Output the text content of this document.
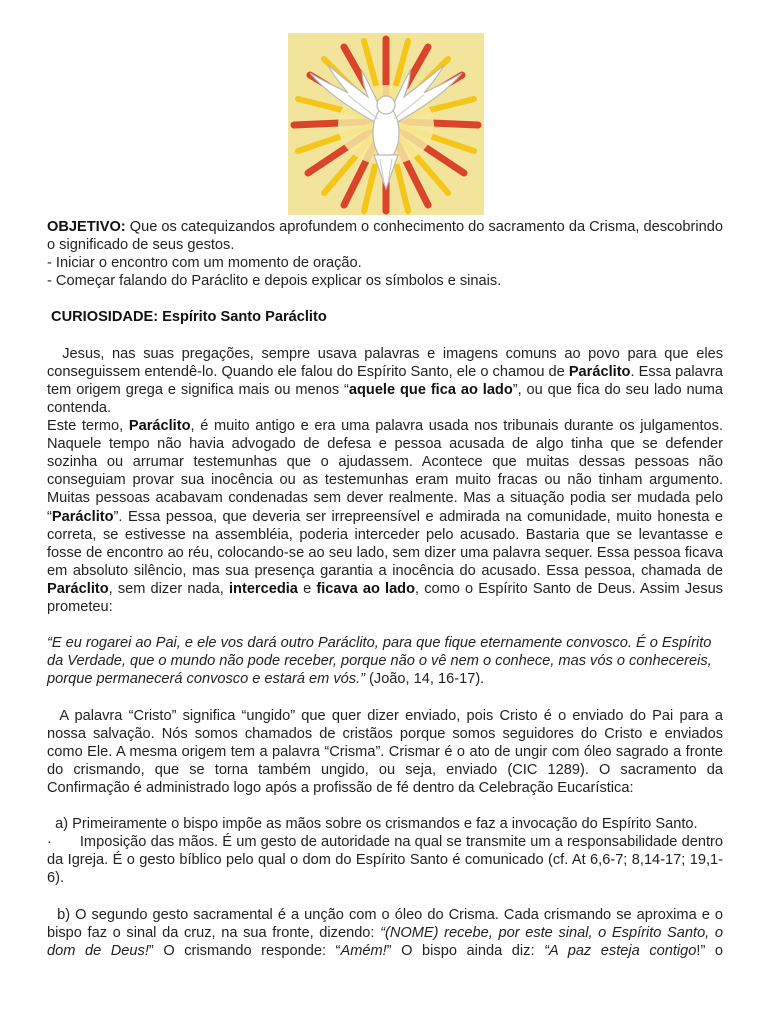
OBJETIVO: Que os catequizandos aprofundem o conhecimento do sacramento da Crisma, descobrindo o significado de seus gestos.

- Iniciar o encontro com um momento de oração.

- Começar falando do Paráclito e depois explicar os símbolos e sinais.

CURIOSIDADE: Espírito Santo Paráclito

Jesus, nas suas pregações, sempre usava palavras e imagens comuns ao povo para que eles conseguissem entendê-lo. Quando ele falou do Espírito Santo, ele o chamou de Paráclito. Essa palavra tem origem grega e significa mais ou menos “aquele que fica ao lado”, ou que fica do seu lado numa contenda.

Este termo, Paráclito, é muito antigo e era uma palavra usada nos tribunais durante os julgamentos. Naquele tempo não havia advogado de defesa e pessoa acusada de algo tinha que se defender sozinha ou arrumar testemunhas que o ajudassem. Acontece que muitas dessas pessoas não conseguiam provar sua inocência ou as testemunhas eram muito fracas ou não tinham argumento. Muitas pessoas acabavam condenadas sem dever realmente. Mas a situação podia ser mudada pelo “Paráclito”. Essa pessoa, que deveria ser irrepreensível e admirada na comunidade, muito honesta e correta, se estivesse na assembléia, poderia interceder pelo acusado. Bastaria que se levantasse e fosse de encontro ao réu, colocando-se ao seu lado, sem dizer uma palavra sequer. Essa pessoa ficava em absoluto silêncio, mas sua presença garantia a inocência do acusado. Essa pessoa, chamada de Paráclito, sem dizer nada, intercedia e ficava ao lado, como o Espírito Santo de Deus. Assim Jesus prometeu:

“E eu rogarei ao Pai, e ele vos dará outro Paráclito, para que fique eternamente convosco. É o Espírito da Verdade, que o mundo não pode receber, porque não o vê nem o conhece, mas vós o conhecereis, porque permanecerá convosco e estará em vós.” (João, 14, 16-17).

A palavra “Cristo” significa “ungido” que quer dizer enviado, pois Cristo é o enviado do Pai para a nossa salvação. Nós somos chamados de cristãos porque somos seguidores do Cristo e enviados como Ele. A mesma origem tem a palavra “Crisma”. Crismar é o ato de ungir com óleo sagrado a fronte do crismando, que se torna também ungido, ou seja, enviado (CIC 1289). O sacramento da Confirmação é administrado logo após a profissão de fé dentro da Celebração Eucarística:

a) Primeiramente o bispo impõe as mãos sobre os crismandos e faz a invocação do Espírito Santo.

· Imposição das mãos. É um gesto de autoridade na qual se transmite um a responsabilidade dentro da Igreja. É o gesto bíblico pelo qual o dom do Espírito Santo é comunicado (cf. At 6,6-7; 8,14-17; 19,1-6).

b) O segundo gesto sacramental é a unção com o óleo do Crisma. Cada crismando se aproxima e o bispo faz o sinal da cruz, na sua fronte, dizendo: “(NOME) recebe, por este sinal, o Espírito Santo, o dom de Deus!” O crismando responde: “Amém!” O bispo ainda diz: “A paz esteja contigo!” o
